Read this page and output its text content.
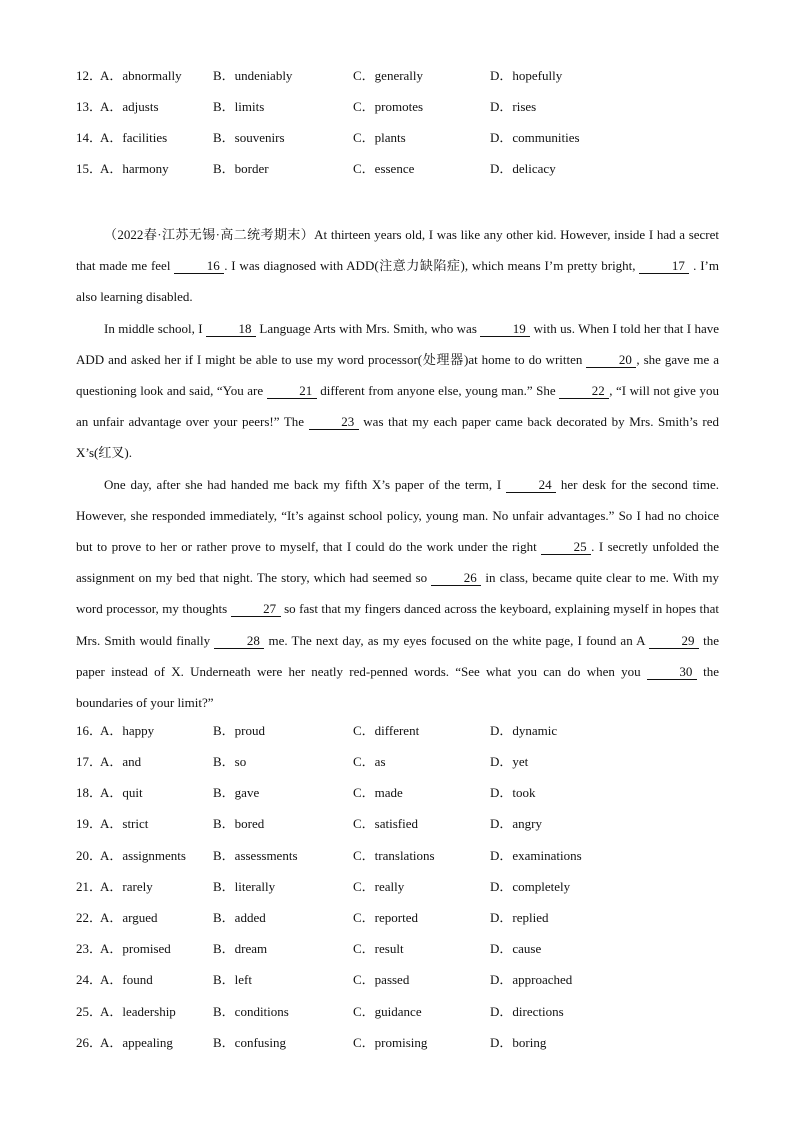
12．
A．abnormally B．undeniably	C．generally	D．hopefully
13．
A．adjusts	B．limits	C．promotes	D．rises
14．
A．facilities	B．souvenirs	C．plants	D．communities
15．
A．harmony	B．border	C．essence	D．delicacy

（2022春·江苏无锡·高二统考期末）At thirteen years old, I was like any other kid. However, inside I had a secret that made me feel	16 . I was diagnosed with ADD(注意力缺陷症), which means I’m pretty bright,	17 . I’m also learning disabled.

In middle school, I	18 Language Arts with Mrs. Smith, who was	19 with us. When I told her that I have ADD and asked her if I might be able to use my word processor(处理器)at home to do written	20 , she gave me a questioning look and said, “You are	21 different from anyone else, young man.” She	22 , “I will not give you an unfair advantage over your peers!” The	23 was that my each paper came back decorated by Mrs. Smith’s red X’s(红叉).

One day, after she had handed me back my fifth X’s paper of the term, I	24 her desk for the second time. However, she responded immediately, “It’s against school policy, young man. No unfair advantages.” So I had no choice but to prove to her or rather prove to myself, that I could do the work under the right	25 . I secretly unfolded the assignment on my bed that night. The story, which had seemed so	26 in class, became quite clear to me. With my word processor, my thoughts	27 so fast that my fingers danced across the keyboard, explaining myself in hopes that Mrs. Smith would finally	28 me. The next day, as my eyes focused on the white page, I found an A	29 the paper instead of X. Underneath were her neatly red-penned words. “See what you can do when you	30 the boundaries of your limit?”

16．
A．happy	B．proud	C．different	D．dynamic
17．
A．and	B．so	C．as	D．yet
18．
A．quit	B．gave	C．made	D．took
19．
A．strict	B．bored	C．satisfied	D．angry
20．
A．assignments B．assessments	C．translations	D．examinations
21．
A．rarely	B．literally	C．really	D．completely
22．
A．argued	B．added	C．reported	D．replied
23．
A．promised	B．dream	C．result	D．cause
24．
A．found	B．left	C．passed	D．approached
25．
A．leadership	B．conditions	C．guidance	D．directions
26．
A．appealing	B．confusing	C．promising	D．boring
